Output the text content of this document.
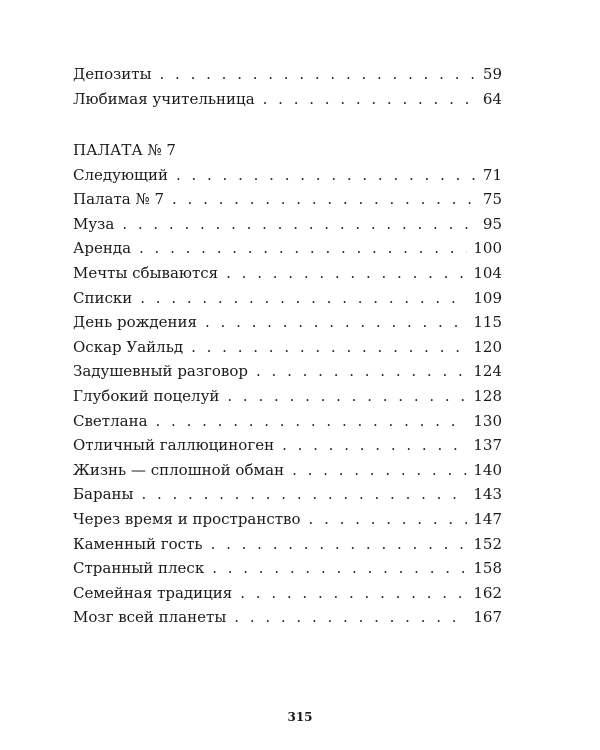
Депозиты . . .	59
Любимая учительница . . .	64
ПАЛАТА № 7
Следующий . . .	71
Палата № 7 . . .	75
Муза . . .	95
Аренда . . .	100
Мечты сбываются . . .	104
Списки . . .	109
День рождения . . .	115
Оскар Уайльд . . .	120
Задушевный разговор . . .	124
Глубокий поцелуй . . .	128
Светлана . . .	130
Отличный галлюциноген . . .	137
Жизнь — сплошной обман . . .	140
Бараны . . .	143
Через время и пространство . . .	147
Каменный гость . . .	152
Странный плеск . . .	158
Семейная традиция . . .	162
Мозг всей планеты . . .	167
315
